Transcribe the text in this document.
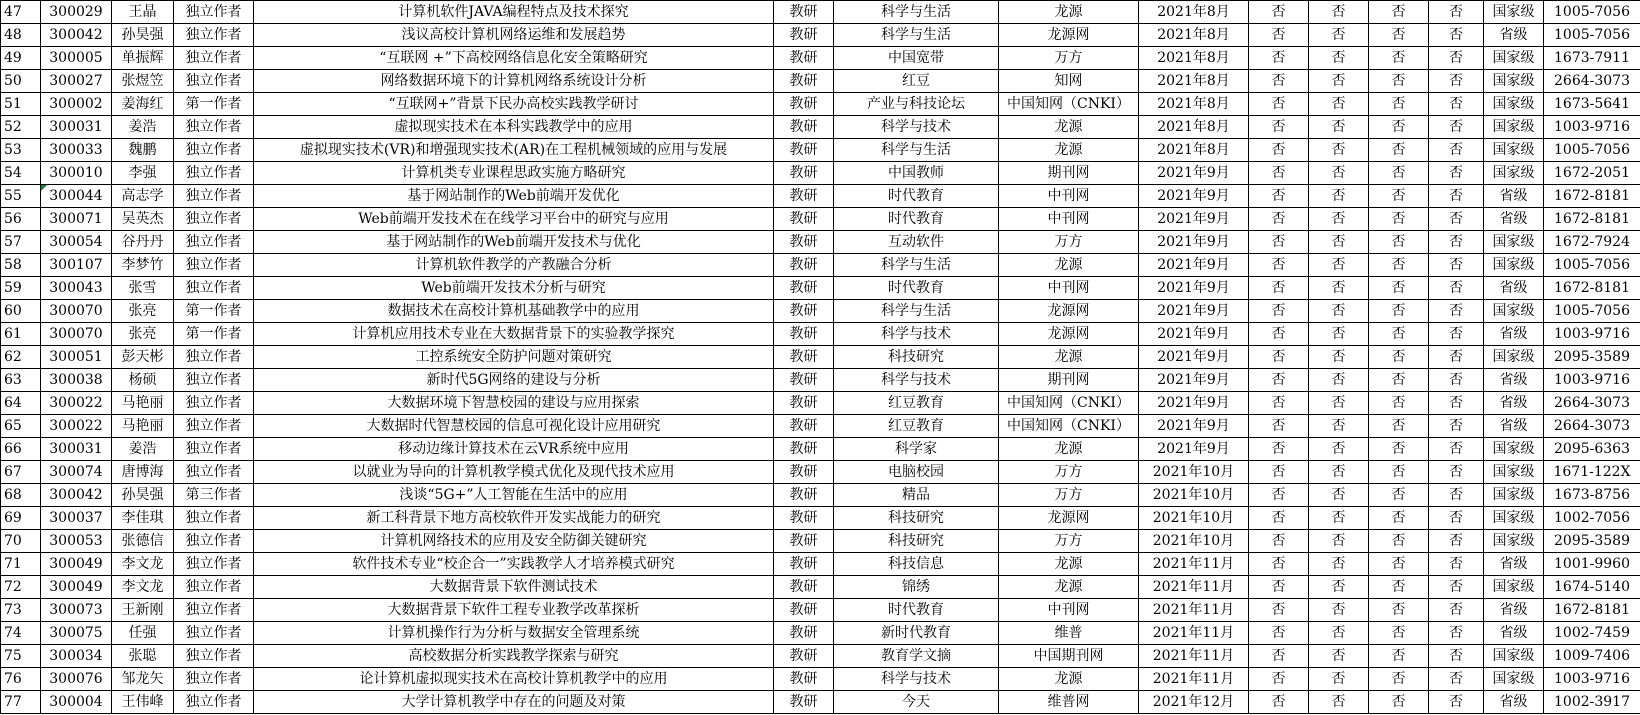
47	300029	王晶	独立作者	计算机软件JAVA编程特点及技术探究	教研	科学与生活	龙源	2021年8月	否	否	否	否	国家级	1005-7056
48	300042	孙昊强	独立作者	浅议高校计算机网络运维和发展趋势	教研	科学与生活	龙源网	2021年8月	否	否	否	否	省级	1005-7056
49	300005	单振辉	独立作者	“互联网 +”下高校网络信息化安全策略研究	教研	中国宽带	万方	2021年8月	否	否	否	否	国家级	1673-7911
50	300027	张煜笠	独立作者	网络数据环境下的计算机网络系统设计分析	教研	红豆	知网	2021年8月	否	否	否	否	国家级	2664-3073
51	300002	姜海红	第一作者	“互联网+”背景下民办高校实践教学研讨	教研	产业与科技论坛	中国知网（CNKI）	2021年8月	否	否	否	否	国家级	1673-5641
52	300031	姜浩	独立作者	虚拟现实技术在本科实践教学中的应用	教研	科学与技术	龙源	2021年8月	否	否	否	否	国家级	1003-9716
53	300033	魏鹏	独立作者	虚拟现实技术(VR)和增强现实技术(AR)在工程机械领域的应用与发展	教研	科学与生活	龙源	2021年8月	否	否	否	否	国家级	1005-7056
54	300010	李强	独立作者	计算机类专业课程思政实施方略研究	教研	中国教师	期刊网	2021年9月	否	否	否	否	国家级	1672-2051
55	300044	高志学	独立作者	基于网站制作的Web前端开发优化	教研	时代教育	中刊网	2021年9月	否	否	否	否	省级	1672-8181
56	300071	吴英杰	独立作者	Web前端开发技术在在线学习平台中的研究与应用	教研	时代教育	中刊网	2021年9月	否	否	否	否	省级	1672-8181
57	300054	谷丹丹	独立作者	基于网站制作的Web前端开发技术与优化	教研	互动软件	万方	2021年9月	否	否	否	否	国家级	1672-7924
58	300107	李梦竹	独立作者	计算机软件教学的产教融合分析	教研	科学与生活	龙源	2021年9月	否	否	否	否	国家级	1005-7056
59	300043	张雪	独立作者	Web前端开发技术分析与研究	教研	时代教育	中刊网	2021年9月	否	否	否	否	省级	1672-8181
60	300070	张亮	第一作者	数据技术在高校计算机基础教学中的应用	教研	科学与生活	龙源网	2021年9月	否	否	否	否	国家级	1005-7056
61	300070	张亮	第一作者	计算机应用技术专业在大数据背景下的实验教学探究	教研	科学与技术	龙源网	2021年9月	否	否	否	否	省级	1003-9716
62	300051	彭天彬	独立作者	工控系统安全防护问题对策研究	教研	科技研究	龙源	2021年9月	否	否	否	否	国家级	2095-3589
63	300038	杨硕	独立作者	新时代5G网络的建设与分析	教研	科学与技术	期刊网	2021年9月	否	否	否	否	省级	1003-9716
64	300022	马艳丽	独立作者	大数据环境下智慧校园的建设与应用探索	教研	红豆教育	中国知网（CNKI）	2021年9月	否	否	否	否	省级	2664-3073
65	300022	马艳丽	独立作者	大数据时代智慧校园的信息可视化设计应用研究	教研	红豆教育	中国知网（CNKI）	2021年9月	否	否	否	否	省级	2664-3073
66	300031	姜浩	独立作者	移动边缘计算技术在云VR系统中应用	教研	科学家	龙源	2021年9月	否	否	否	否	国家级	2095-6363
67	300074	唐博海	独立作者	以就业为导向的计算机教学模式优化及现代技术应用	教研	电脑校园	万方	2021年10月	否	否	否	否	国家级	1671-122X
68	300042	孙昊强	第三作者	浅谈“5G+”人工智能在生活中的应用	教研	精品	万方	2021年10月	否	否	否	否	国家级	1673-8756
69	300037	李佳琪	独立作者	新工科背景下地方高校软件开发实战能力的研究	教研	科技研究	龙源网	2021年10月	否	否	否	否	国家级	1002-7056
70	300053	张德信	独立作者	计算机网络技术的应用及安全防御关键研究	教研	科技研究	万方	2021年10月	否	否	否	否	国家级	2095-3589
71	300049	李文龙	独立作者	软件技术专业“校企合一”实践教学人才培养模式研究	教研	科技信息	龙源	2021年11月	否	否	否	否	省级	1001-9960
72	300049	李文龙	独立作者	大数据背景下软件测试技术	教研	锦绣	龙源	2021年11月	否	否	否	否	国家级	1674-5140
73	300073	王新刚	独立作者	大数据背景下软件工程专业教学改革探析	教研	时代教育	中刊网	2021年11月	否	否	否	否	省级	1672-8181
74	300075	任强	独立作者	计算机操作行为分析与数据安全管理系统	教研	新时代教育	维普	2021年11月	否	否	否	否	省级	1002-7459
75	300034	张聪	独立作者	高校数据分析实践教学探索与研究	教研	教育学文摘	中国期刊网	2021年11月	否	否	否	否	国家级	1009-7406
76	300076	邹龙矢	独立作者	论计算机虚拟现实技术在高校计算机教学中的应用	教研	科学与技术	龙源	2021年11月	否	否	否	否	国家级	1003-9716
77	300004	王伟峰	独立作者	大学计算机教学中存在的问题及对策	教研	今天	维普网	2021年12月	否	否	否	否	省级	1002-3917
